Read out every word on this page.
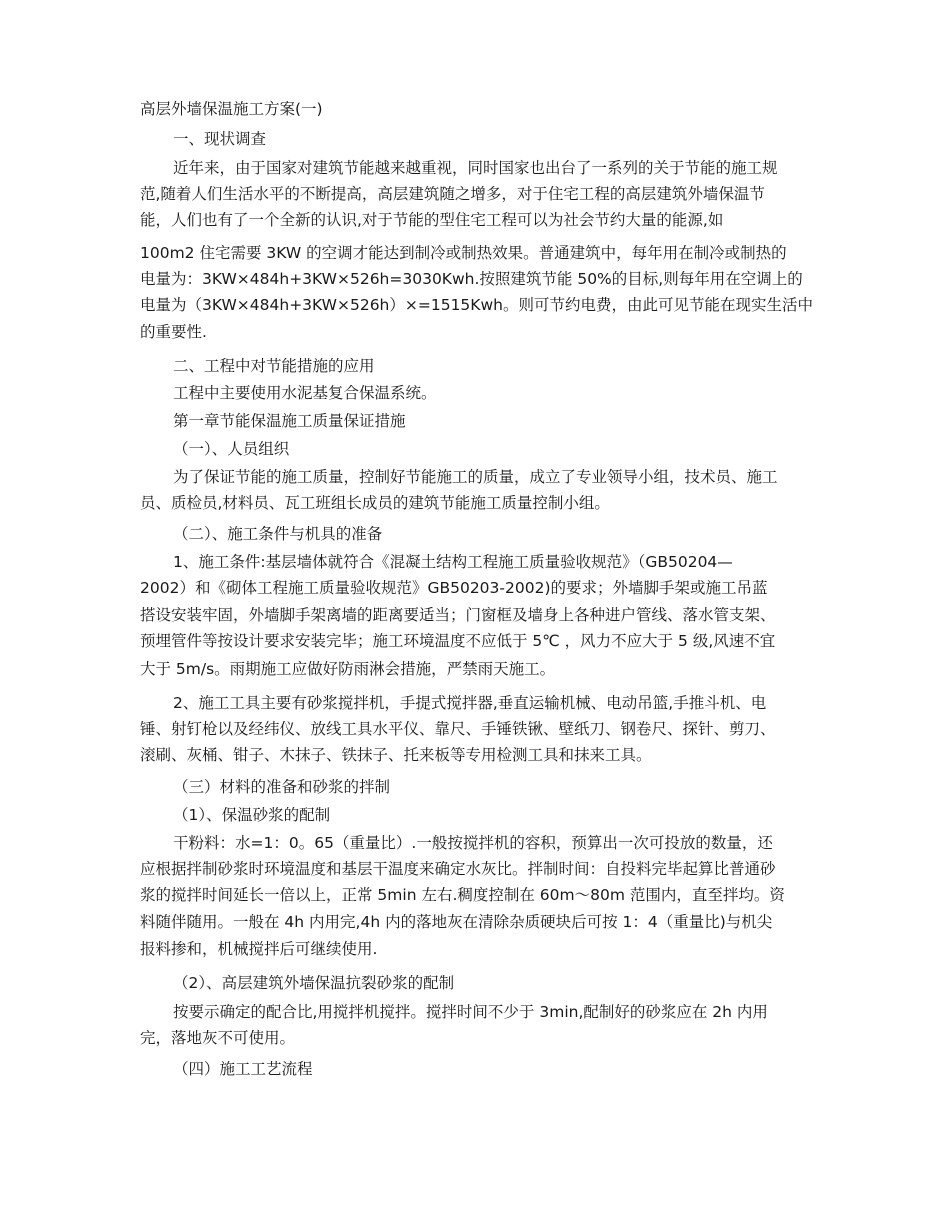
高层外墙保温施工方案(一)
一、现状调查
近年来，由于国家对建筑节能越来越重视，同时国家也出台了一系列的关于节能的施工规
范,随着人们生活水平的不断提高，高层建筑随之增多，对于住宅工程的高层建筑外墙保温节
能，人们也有了一个全新的认识,对于节能的型住宅工程可以为社会节约大量的能源,如
100m2 住宅需要 3KW 的空调才能达到制冷或制热效果。普通建筑中，每年用在制冷或制热的
电量为：3KW×484h+3KW×526h=3030Kwh.按照建筑节能 50%的目标,则每年用在空调上的
电量为（3KW×484h+3KW×526h）×=1515Kwh。则可节约电费，由此可见节能在现实生活中
的重要性.
二、工程中对节能措施的应用
工程中主要使用水泥基复合保温系统。
第一章节能保温施工质量保证措施
（一）、人员组织
为了保证节能的施工质量，控制好节能施工的质量，成立了专业领导小组，技术员、施工
员、质检员,材料员、瓦工班组长成员的建筑节能施工质量控制小组。
（二）、施工条件与机具的准备
1、施工条件:基层墙体就符合《混凝土结构工程施工质量验收规范》（GB50204—
2002）和《砌体工程施工质量验收规范》GB50203-2002)的要求；外墙脚手架或施工吊蓝
搭设安装牢固，外墙脚手架离墙的距离要适当；门窗框及墙身上各种进户管线、落水管支架、
预埋管件等按设计要求安装完毕；施工环境温度不应低于 5℃ ，风力不应大于 5 级,风速不宜
大于 5m/s。雨期施工应做好防雨淋会措施，严禁雨天施工。
2、施工工具主要有砂浆搅拌机，手提式搅拌器,垂直运输机械、电动吊篮,手推斗机、电
锤、射钉枪以及经纬仪、放线工具水平仪、靠尺、手锤铁锹、壁纸刀、钢卷尺、探针、剪刀、
滚刷、灰桶、钳子、木抹子、铁抹子、托来板等专用检测工具和抹来工具。
（三）材料的准备和砂浆的拌制
（1）、保温砂浆的配制
干粉料：水=1：0。65（重量比）.一般按搅拌机的容积，预算出一次可投放的数量，还
应根据拌制砂浆时环境温度和基层干温度来确定水灰比。拌制时间：自投料完毕起算比普通砂
浆的搅拌时间延长一倍以上，正常 5min 左右.稠度控制在 60m～80m 范围内，直至拌均。资
料随伴随用。一般在 4h 内用完,4h 内的落地灰在清除杂质硬块后可按 1：4（重量比)与机尖
报料掺和，机械搅拌后可继续使用.
（2）、高层建筑外墙保温抗裂砂浆的配制
按要示确定的配合比,用搅拌机搅拌。搅拌时间不少于 3min,配制好的砂浆应在 2h 内用
完，落地灰不可使用。
（四）施工工艺流程
